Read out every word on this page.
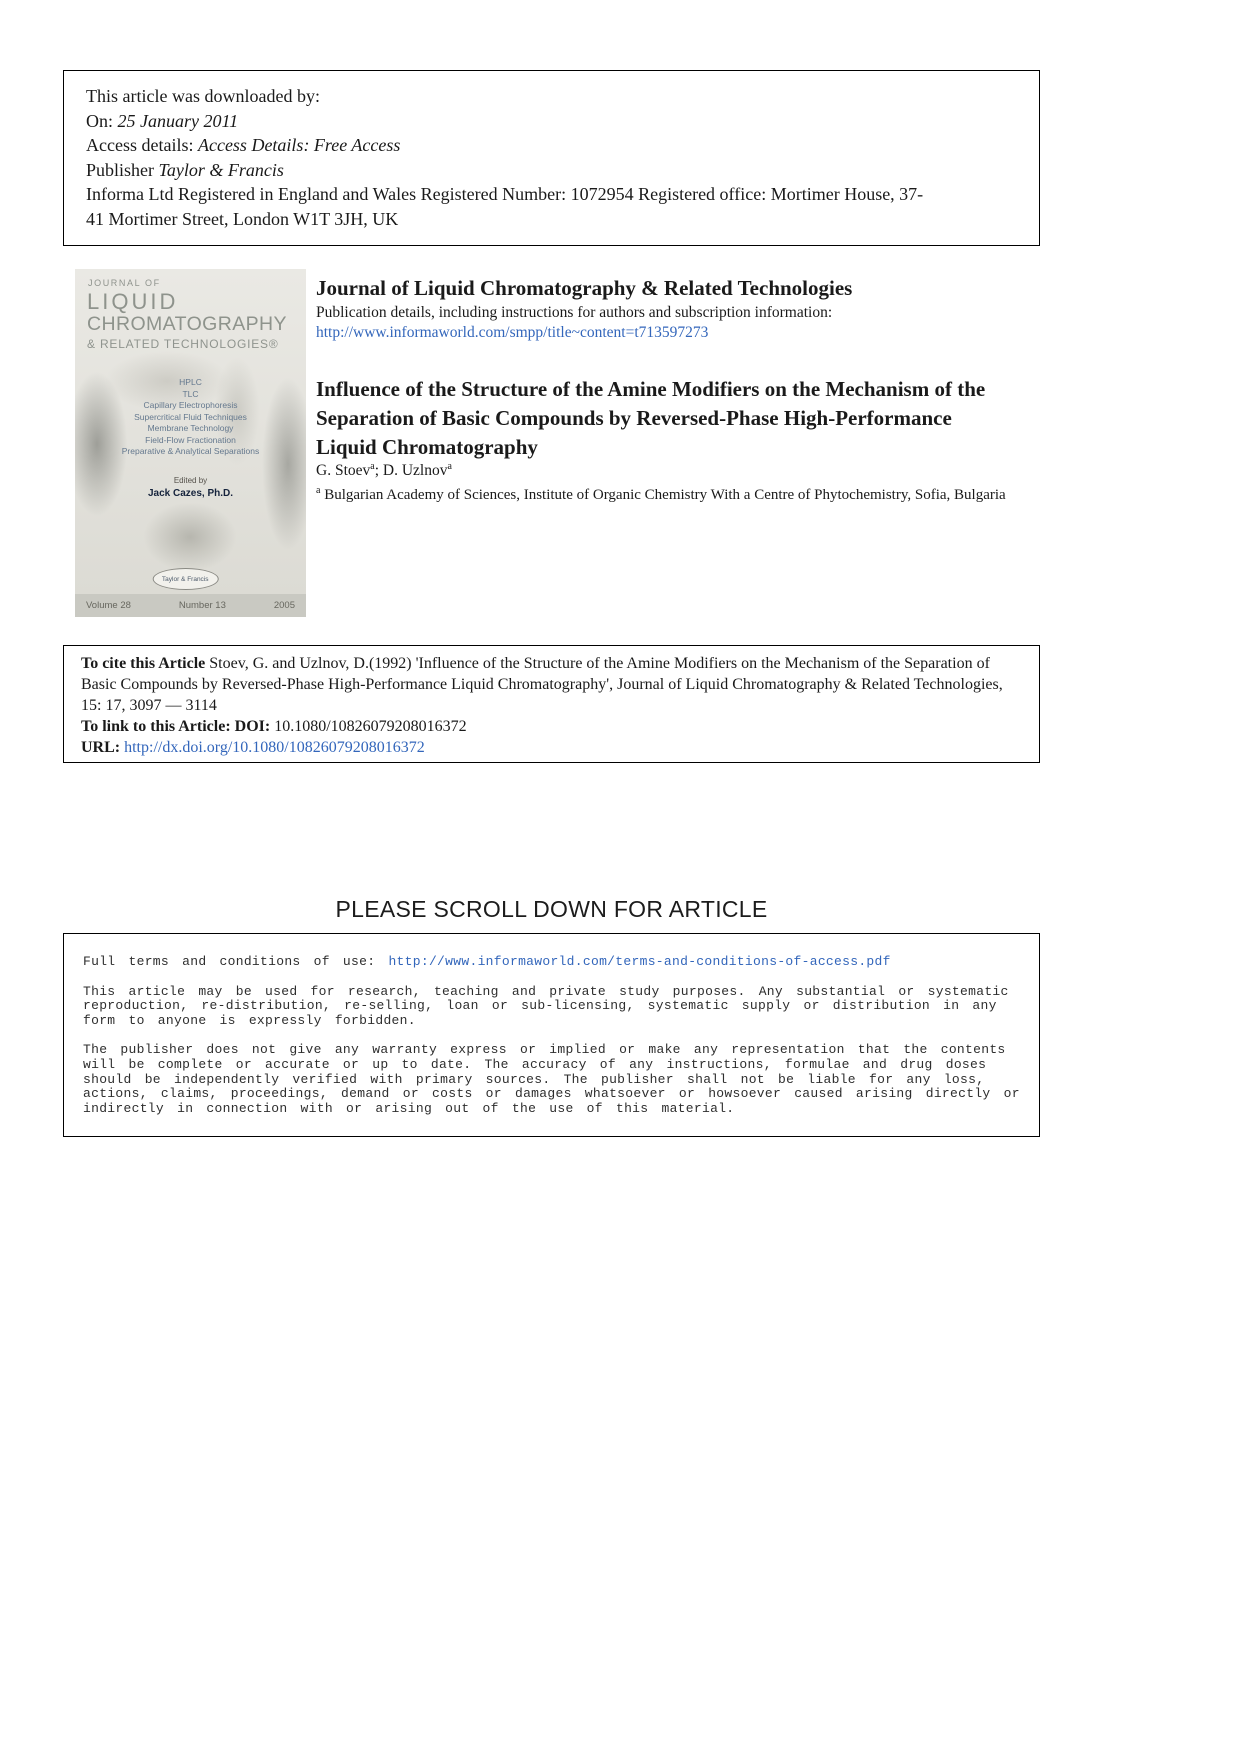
This article was downloaded by:
On: 25 January 2011
Access details: Access Details: Free Access
Publisher Taylor & Francis
Informa Ltd Registered in England and Wales Registered Number: 1072954 Registered office: Mortimer House, 37-
41 Mortimer Street, London W1T 3JH, UK
JOURNAL OF
LIQUID
CHROMATOGRAPHY
& RELATED TECHNOLOGIES®
HPLC
TLC
Capillary Electrophoresis
Supercritical Fluid Techniques
Membrane Technology
Field-Flow Fractionation
Preparative & Analytical Separations
Edited by
Jack Cazes, Ph.D.
Taylor & Francis
Volume 28	Number 13	2005
Journal of Liquid Chromatography & Related Technologies
Publication details, including instructions for authors and subscription information:
http://www.informaworld.com/smpp/title~content=t713597273
Influence of the Structure of the Amine Modifiers on the Mechanism of the
Separation of Basic Compounds by Reversed-Phase High-Performance
Liquid Chromatography
G. Stoev$^a$; D. Uzlnov$^a$
$^a$ Bulgarian Academy of Sciences, Institute of Organic Chemistry With a Centre of Phytochemistry, Sofia, Bulgaria

To cite this Article Stoev, G. and Uzlnov, D.(1992) 'Influence of the Structure of the Amine Modifiers on the Mechanism of the Separation of Basic Compounds by Reversed-Phase High-Performance Liquid Chromatography', Journal of Liquid Chromatography & Related Technologies, 15: 17, 3097 — 3114

To link to this Article: DOI: 10.1080/10826079208016372

URL: http://dx.doi.org/10.1080/10826079208016372

PLEASE SCROLL DOWN FOR ARTICLE

Full terms and conditions of use: http://www.informaworld.com/terms-and-conditions-of-access.pdf

This article may be used for research, teaching and private study purposes. Any substantial or systematic reproduction, re-distribution, re-selling, loan or sub-licensing, systematic supply or distribution in any form to anyone is expressly forbidden.

The publisher does not give any warranty express or implied or make any representation that the contents will be complete or accurate or up to date. The accuracy of any instructions, formulae and drug doses should be independently verified with primary sources. The publisher shall not be liable for any loss, actions, claims, proceedings, demand or costs or damages whatsoever or howsoever caused arising directly or indirectly in connection with or arising out of the use of this material.
